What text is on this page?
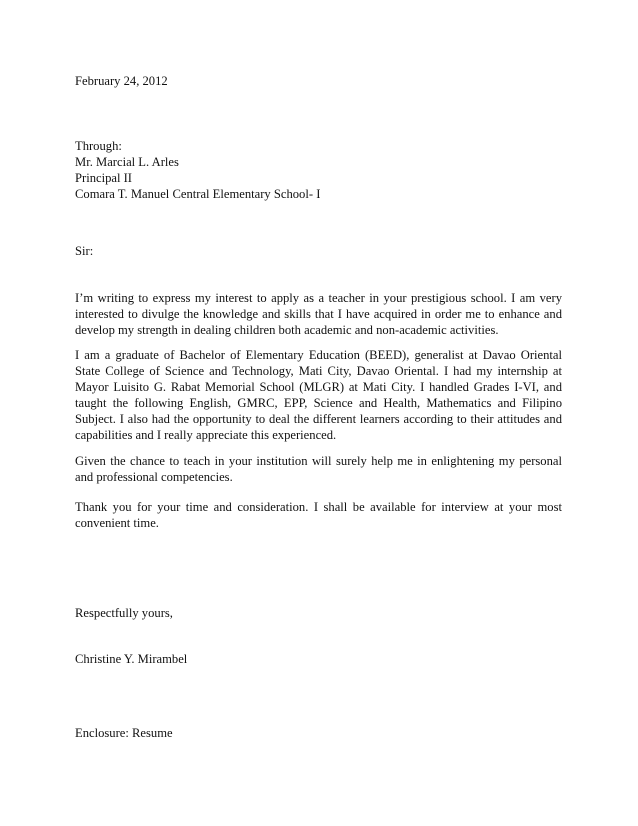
February 24, 2012
Through:
Mr. Marcial L. Arles
Principal II
Comara T. Manuel Central Elementary School- I
Sir:
I’m writing to express my interest to apply as a teacher in your prestigious school. I am very interested to divulge the knowledge and skills that I have acquired in order me to enhance and develop my strength in dealing children both academic and non-academic activities.
I am a graduate of Bachelor of Elementary Education (BEED), generalist at Davao Oriental State College of Science and Technology, Mati City, Davao Oriental. I had my internship at Mayor Luisito G. Rabat Memorial School (MLGR) at Mati City. I handled Grades I-VI, and taught the following English, GMRC, EPP, Science and Health, Mathematics and Filipino Subject. I also had the opportunity to deal the different learners according to their attitudes and capabilities and I really appreciate this experienced.
Given the chance to teach in your institution will surely help me in enlightening my personal and professional competencies.
Thank you for your time and consideration. I shall be available for interview at your most convenient time.
Respectfully yours,
Christine Y. Mirambel
Enclosure: Resume
